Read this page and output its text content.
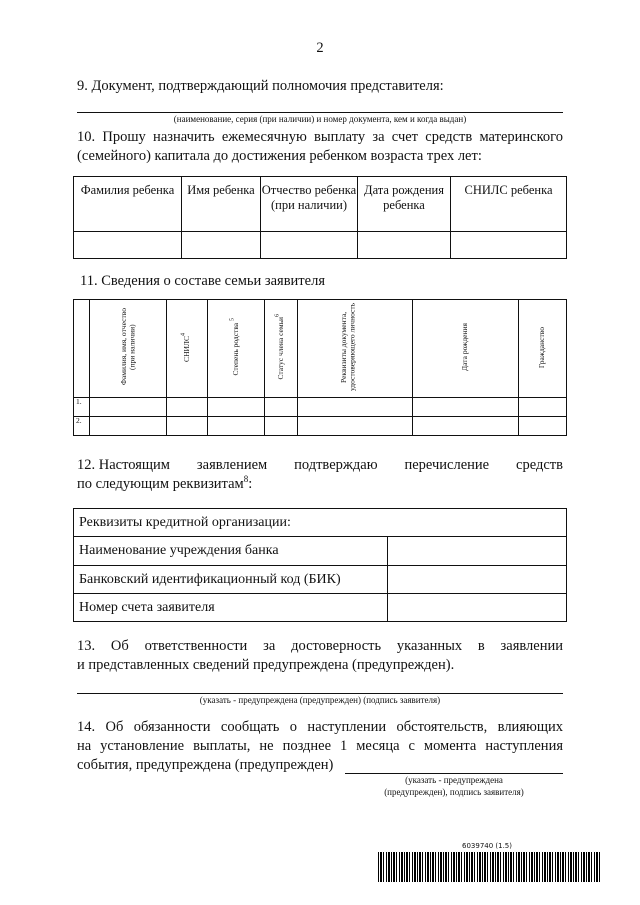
2
9. Документ, подтверждающий полномочия представителя:
(наименование, серия (при наличии) и номер документа, кем и когда выдан)
10. Прошу назначить ежемесячную выплату за счет средств материнского
(семейного) капитала до достижения ребенком возраста трех лет:
Фамилия ребенка	Имя ребенка	Отчество ребенка (при наличии)	Дата рождения ребенка	СНИЛС ребенка

11. Сведения о составе семьи заявителя
	Фамилия, имя, отчество (при наличии)	СНИЛС$^4$	Степень родства $^5$	Статус члена семьи$^6$	Реквизиты документа, удостоверяющего личность	Дата рождения	Гражданство
1.							
2.							
12. Настоящим заявлением подтверждаю перечисление средств
по следующим реквизитам$^8$:
Реквизиты кредитной организации:	
Наименование учреждения банка	
Банковский идентификационный код (БИК)	
Номер счета заявителя	
13. Об ответственности за достоверность указанных в заявлении
и представленных сведений предупреждена (предупрежден).
(указать - предупреждена (предупрежден) (подпись заявителя)
14. Об обязанности сообщать о наступлении обстоятельств, влияющих
на установление выплаты, не позднее 1 месяца с момента наступления
события, предупреждена (предупрежден)
(указать - предупреждена
(предупрежден), подпись заявителя)
6039740 (1.5)
